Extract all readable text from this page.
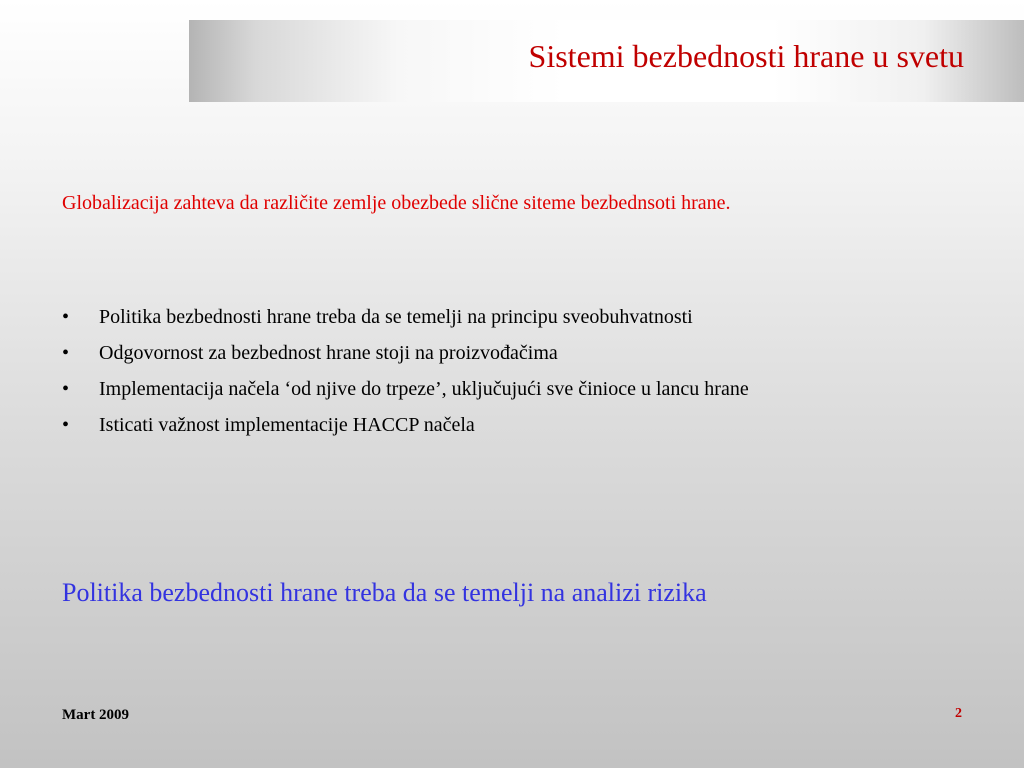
Sistemi bezbednosti hrane u svetu
Globalizacija zahteva da različite zemlje obezbede slične siteme bezbednsoti hrane.
• Politika bezbednosti hrane treba da se temelji na principu sveobuhvatnosti
• Odgovornost za bezbednost hrane stoji na proizvođačima
• Implementacija načela ‘od njive do trpeze’, uključujući sve činioce u lancu hrane
• Isticati važnost implementacije HACCP načela
Politika bezbednosti hrane treba da se temelji na analizi rizika
Mart 2009	2
